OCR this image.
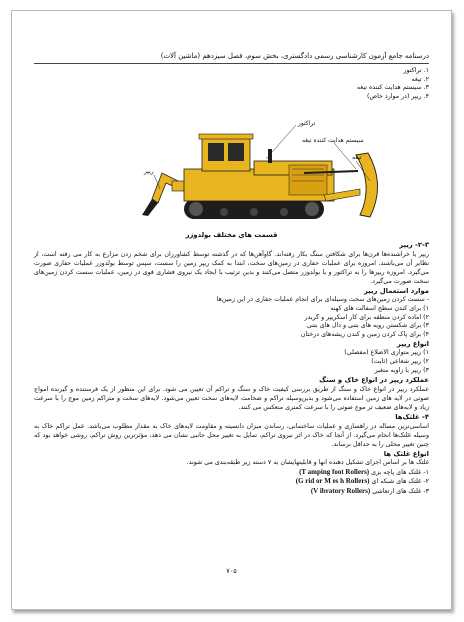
درسنامه جامع آزمون کارشناسی رسمی دادگستری، بخش سوم، فصل سیزدهم (ماشین آلات)
۱. تراکتور
۲. تیغه
۳. سیستم هدایت کننده تیغه
۴. ریپر (در موارد خاص)
تراکتور
سیستم هدایت کننده تیغه
تیغه
ریپر
قسمت های مختلف بولدوزر
۲-۳- ریپر
ریپر یا خراشنده‌ها قرن‌ها برای شکافتن سنگ بکار رفته‌اند. گاوآهن‌ها که در گذشته توسط کشاورزان برای شخم زدن مزارع به کار می رفته است، از نظایر آن می‌باشند. امروزه برای عملیات حفاری در زمین‌های سخت، ابتدا به کمک ریپر زمین را سست، سپس توسط بولدوزر عملیات حفاری صورت می‌گیرد. امروزه ریپرها را به تراکتور و یا بولدوزر متصل می‌کنند و بدین ترتیب با ایجاد یک نیروی فشاری قوی در زمین، عملیات سست کردن زمین‌های سخت صورت می‌گیرد.
موارد استعمال ریپر
- سست کردن زمین‌های سخت وسیله‌ای برای انجام عملیات حفاری در این زمین‌ها
۱) برای کندن سطح آسفالت های کهنه
۲) آماده کردن منطقه برای کار اسکریپر و گریدر
۳) برای شکستن رویه های بتنی و دال های بتنی
۴) برای پاک کردن زمین و کندن ریشه‌های درختان
انواع ریپر
۱) ریپر متوازی الاضلاع (مفصلی)
۲) ریپر شعاعی (ثابت)
۳) ریپر با زاویه متغیر
عملکرد ریپر در انواع خاک و سنگ
عملکرد ریپر در انواع خاک و سنگ از طریق بررسی کیفیت خاک و سنگ و تراکم آن تعیین می شود. برای این منظور از یک فرستنده و گیرنده امواج صوتی در لایه های زمین استفاده می‌شود و بدین‌وسیله تراکم و ضخامت لایه‌های سخت تعیین می‌شود. لایه‌های سخت و متراکم زمین موج را با سرعت زیاد و لایه‌های ضعیف تر موج صوتی را با سرعت کمتری منعکس می کنند.
۴- غلتک‌ها
اساسی‌ترین مساله در راهسازی و عملیات ساختمانی، رساندن میزان دانسیته و مقاومت لایه‌های خاک به مقدار مطلوب می‌باشد. عمل تراکم خاک به وسیله غلتک‌ها انجام می‌گیرد. از آنجا که خاک در اثر نیروی تراکم، تمایل به تغییر محل جانبی نشان می دهد، مؤثرترین روش تراکم، روشی خواهد بود که چنین تغییر محلی را به حداقل برساند.
انواع غلتک ها
غلتک ها بر اساس اجزای تشکیل دهنده آنها و قابلیتهایشان به ۷ دسته زیر طبقه‌بندی می شوند.
۱- غلتک های پاچه بزی (T amping foot Rollers)
۲- غلتک های شبکه ای (G rid or M es h Rollers)
۳- غلتک های ارتعاشی (V ibratory Rollers)
۷۰۵
